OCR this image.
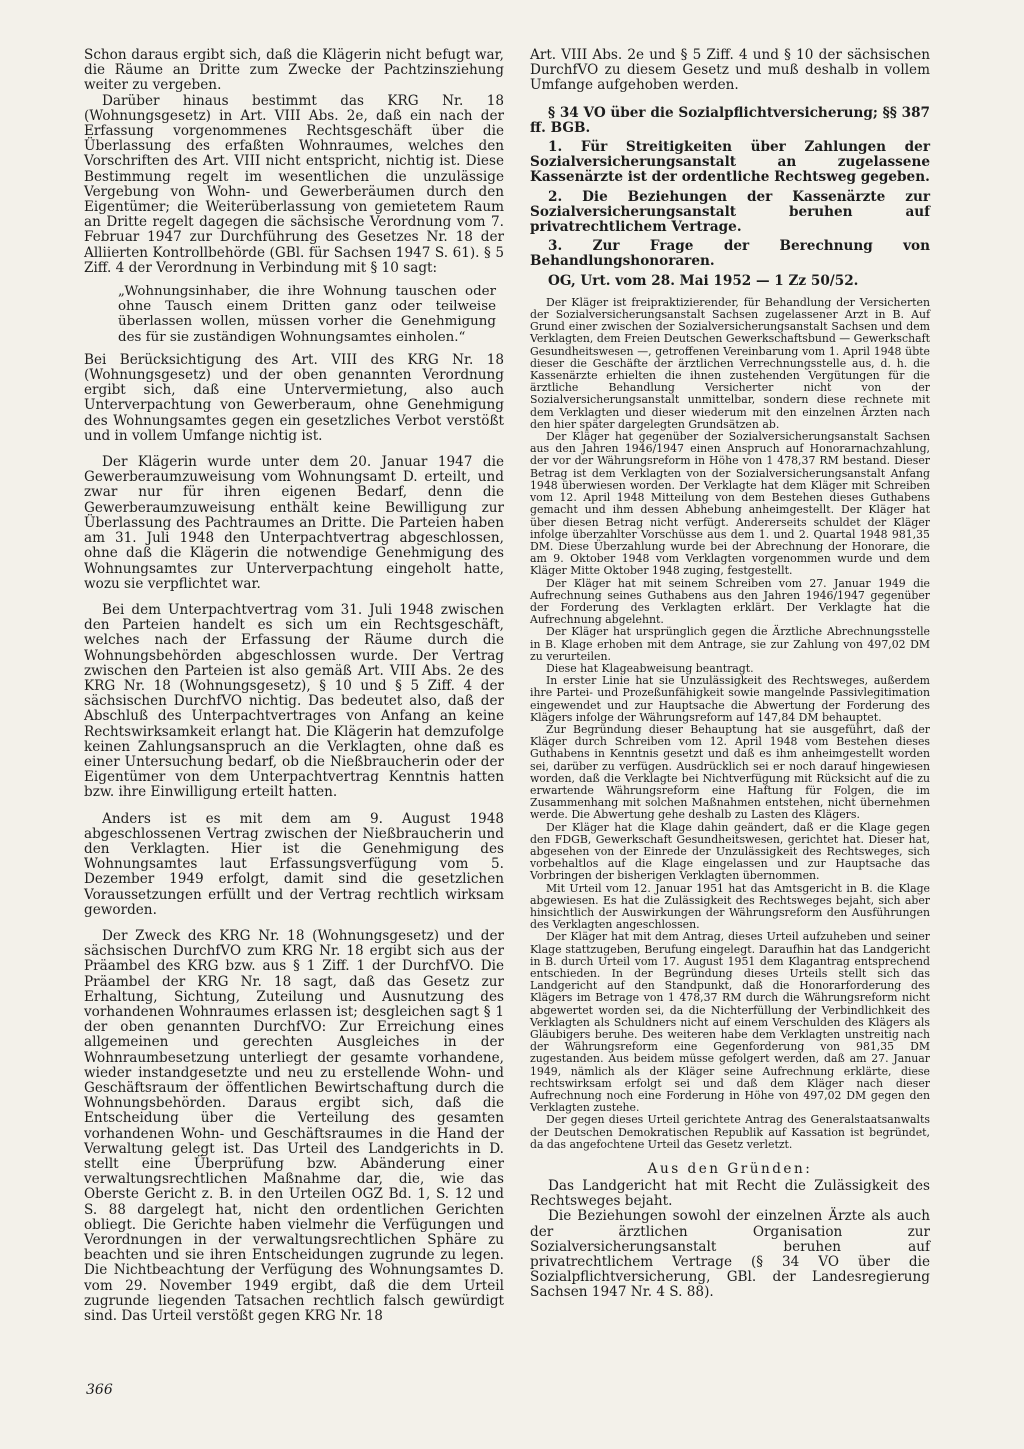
Schon daraus ergibt sich, daß die Klägerin nicht befugt war, die Räume an Dritte zum Zwecke der Pachtzinsziehung weiter zu vergeben.

Darüber hinaus bestimmt das KRG Nr. 18 (Wohnungsgesetz) in Art. VIII Abs. 2e, daß ein nach der Erfassung vorgenommenes Rechtsgeschäft über die Überlassung des erfaßten Wohnraumes, welches den Vorschriften des Art. VIII nicht entspricht, nichtig ist. Diese Bestimmung regelt im wesentlichen die unzulässige Vergebung von Wohn- und Gewerberäumen durch den Eigentümer; die Weiterüberlassung von gemietetem Raum an Dritte regelt dagegen die sächsische Verordnung vom 7. Februar 1947 zur Durchführung des Gesetzes Nr. 18 der Alliierten Kontrollbehörde (GBl. für Sachsen 1947 S. 61). § 5 Ziff. 4 der Verordnung in Verbindung mit § 10 sagt:

„Wohnungsinhaber, die ihre Wohnung tauschen oder ohne Tausch einem Dritten ganz oder teilweise überlassen wollen, müssen vorher die Genehmigung des für sie zuständigen Wohnungsamtes einholen.“

Bei Berücksichtigung des Art. VIII des KRG Nr. 18 (Wohnungsgesetz) und der oben genannten Verordnung ergibt sich, daß eine Untervermietung, also auch Unterverpachtung von Gewerberaum, ohne Genehmigung des Wohnungsamtes gegen ein gesetzliches Verbot verstößt und in vollem Umfange nichtig ist.

Der Klägerin wurde unter dem 20. Januar 1947 die Gewerberaumzuweisung vom Wohnungsamt D. erteilt, und zwar nur für ihren eigenen Bedarf, denn die Gewerberaumzuweisung enthält keine Bewilligung zur Überlassung des Pachtraumes an Dritte. Die Parteien haben am 31. Juli 1948 den Unterpachtvertrag abgeschlossen, ohne daß die Klägerin die notwendige Genehmigung des Wohnungsamtes zur Unterverpachtung eingeholt hatte, wozu sie verpflichtet war.

Bei dem Unterpachtvertrag vom 31. Juli 1948 zwischen den Parteien handelt es sich um ein Rechtsgeschäft, welches nach der Erfassung der Räume durch die Wohnungsbehörden abgeschlossen wurde. Der Vertrag zwischen den Parteien ist also gemäß Art. VIII Abs. 2e des KRG Nr. 18 (Wohnungsgesetz), § 10 und § 5 Ziff. 4 der sächsischen DurchfVO nichtig. Das bedeutet also, daß der Abschluß des Unterpachtvertrages von Anfang an keine Rechtswirksamkeit erlangt hat. Die Klägerin hat demzufolge keinen Zahlungsanspruch an die Verklagten, ohne daß es einer Untersuchung bedarf, ob die Nießbraucherin oder der Eigentümer von dem Unterpachtvertrag Kenntnis hatten bzw. ihre Einwilligung erteilt hatten.

Anders ist es mit dem am 9. August 1948 abgeschlossenen Vertrag zwischen der Nießbraucherin und den Verklagten. Hier ist die Genehmigung des Wohnungsamtes laut Erfassungsverfügung vom 5. Dezember 1949 erfolgt, damit sind die gesetzlichen Voraussetzungen erfüllt und der Vertrag rechtlich wirksam geworden.

Der Zweck des KRG Nr. 18 (Wohnungsgesetz) und der sächsischen DurchfVO zum KRG Nr. 18 ergibt sich aus der Präambel des KRG bzw. aus § 1 Ziff. 1 der DurchfVO. Die Präambel der KRG Nr. 18 sagt, daß das Gesetz zur Erhaltung, Sichtung, Zuteilung und Ausnutzung des vorhandenen Wohnraumes erlassen ist; desgleichen sagt § 1 der oben genannten DurchfVO: Zur Erreichung eines allgemeinen und gerechten Ausgleiches in der Wohnraumbesetzung unterliegt der gesamte vorhandene, wieder instandgesetzte und neu zu erstellende Wohn- und Geschäftsraum der öffentlichen Bewirtschaftung durch die Wohnungsbehörden. Daraus ergibt sich, daß die Entscheidung über die Verteilung des gesamten vorhandenen Wohn- und Geschäftsraumes in die Hand der Verwaltung gelegt ist. Das Urteil des Landgerichts in D. stellt eine Überprüfung bzw. Abänderung einer verwaltungsrechtlichen Maßnahme dar, die, wie das Oberste Gericht z. B. in den Urteilen OGZ Bd. 1, S. 12 und S. 88 dargelegt hat, nicht den ordentlichen Gerichten obliegt. Die Gerichte haben vielmehr die Verfügungen und Verordnungen in der verwaltungsrechtlichen Sphäre zu beachten und sie ihren Entscheidungen zugrunde zu legen. Die Nichtbeachtung der Verfügung des Wohnungsamtes D. vom 29. November 1949 ergibt, daß die dem Urteil zugrunde liegenden Tatsachen rechtlich falsch gewürdigt sind. Das Urteil verstößt gegen KRG Nr. 18

Art. VIII Abs. 2e und § 5 Ziff. 4 und § 10 der sächsischen DurchfVO zu diesem Gesetz und muß deshalb in vollem Umfange aufgehoben werden.

§ 34 VO über die Sozialpflichtversicherung; §§ 387 ff. BGB.

1. Für Streitigkeiten über Zahlungen der Sozialversicherungsanstalt an zugelassene Kassenärzte ist der ordentliche Rechtsweg gegeben.

2. Die Beziehungen der Kassenärzte zur Sozialversicherungsanstalt beruhen auf privatrechtlichem Vertrage.

3. Zur Frage der Berechnung von Behandlungshonoraren.

OG, Urt. vom 28. Mai 1952 — 1 Zz 50/52.

Der Kläger ist freipraktizierender, für Behandlung der Versicherten der Sozialversicherungsanstalt Sachsen zugelassener Arzt in B. Auf Grund einer zwischen der Sozialversicherungsanstalt Sachsen und dem Verklagten, dem Freien Deutschen Gewerkschaftsbund — Gewerkschaft Gesundheitswesen —, getroffenen Vereinbarung vom 1. April 1948 übte dieser die Geschäfte der ärztlichen Verrechnungsstelle aus, d. h. die Kassenärzte erhielten die ihnen zustehenden Vergütungen für die ärztliche Behandlung Versicherter nicht von der Sozialversicherungsanstalt unmittelbar, sondern diese rechnete mit dem Verklagten und dieser wiederum mit den einzelnen Ärzten nach den hier später dargelegten Grundsätzen ab.

Der Kläger hat gegenüber der Sozialversicherungsanstalt Sachsen aus den Jahren 1946/1947 einen Anspruch auf Honorarnachzahlung, der vor der Währungsreform in Höhe von 1 478,37 RM bestand. Dieser Betrag ist dem Verklagten von der Sozialversicherungsanstalt Anfang 1948 überwiesen worden. Der Verklagte hat dem Kläger mit Schreiben vom 12. April 1948 Mitteilung von dem Bestehen dieses Guthabens gemacht und ihm dessen Abhebung anheimgestellt. Der Kläger hat über diesen Betrag nicht verfügt. Andererseits schuldet der Kläger infolge überzahlter Vorschüsse aus dem 1. und 2. Quartal 1948 981,35 DM. Diese Überzahlung wurde bei der Abrechnung der Honorare, die am 9. Oktober 1948 vom Verklagten vorgenommen wurde und dem Kläger Mitte Oktober 1948 zuging, festgestellt.

Der Kläger hat mit seinem Schreiben vom 27. Januar 1949 die Aufrechnung seines Guthabens aus den Jahren 1946/1947 gegenüber der Forderung des Verklagten erklärt. Der Verklagte hat die Aufrechnung abgelehnt.

Der Kläger hat ursprünglich gegen die Ärztliche Abrechnungsstelle in B. Klage erhoben mit dem Antrage, sie zur Zahlung von 497,02 DM zu verurteilen.

Diese hat Klageabweisung beantragt.

In erster Linie hat sie Unzulässigkeit des Rechtsweges, außerdem ihre Partei- und Prozeßunfähigkeit sowie mangelnde Passivlegitimation eingewendet und zur Hauptsache die Abwertung der Forderung des Klägers infolge der Währungsreform auf 147,84 DM behauptet.

Zur Begründung dieser Behauptung hat sie ausgeführt, daß der Kläger durch Schreiben vom 12. April 1948 vom Bestehen dieses Guthabens in Kenntnis gesetzt und daß es ihm anheimgestellt worden sei, darüber zu verfügen. Ausdrücklich sei er noch darauf hingewiesen worden, daß die Verklagte bei Nichtverfügung mit Rücksicht auf die zu erwartende Währungsreform eine Haftung für Folgen, die im Zusammenhang mit solchen Maßnahmen entstehen, nicht übernehmen werde. Die Abwertung gehe deshalb zu Lasten des Klägers.

Der Kläger hat die Klage dahin geändert, daß er die Klage gegen den FDGB, Gewerkschaft Gesundheitswesen, gerichtet hat. Dieser hat, abgesehen von der Einrede der Unzulässigkeit des Rechtsweges, sich vorbehaltlos auf die Klage eingelassen und zur Hauptsache das Vorbringen der bisherigen Verklagten übernommen.

Mit Urteil vom 12. Januar 1951 hat das Amtsgericht in B. die Klage abgewiesen. Es hat die Zulässigkeit des Rechtsweges bejaht, sich aber hinsichtlich der Auswirkungen der Währungsreform den Ausführungen des Verklagten angeschlossen.

Der Kläger hat mit dem Antrag, dieses Urteil aufzuheben und seiner Klage stattzugeben, Berufung eingelegt. Daraufhin hat das Landgericht in B. durch Urteil vom 17. August 1951 dem Klagantrag entsprechend entschieden. In der Begründung dieses Urteils stellt sich das Landgericht auf den Standpunkt, daß die Honorarforderung des Klägers im Betrage von 1 478,37 RM durch die Währungsreform nicht abgewertet worden sei, da die Nichterfüllung der Verbindlichkeit des Verklagten als Schuldners nicht auf einem Verschulden des Klägers als Gläubigers beruhe. Des weiteren habe dem Verklagten unstreitig nach der Währungsreform eine Gegenforderung von 981,35 DM zugestanden. Aus beidem müsse gefolgert werden, daß am 27. Januar 1949, nämlich als der Kläger seine Aufrechnung erklärte, diese rechtswirksam erfolgt sei und daß dem Kläger nach dieser Aufrechnung noch eine Forderung in Höhe von 497,02 DM gegen den Verklagten zustehe.

Der gegen dieses Urteil gerichtete Antrag des Generalstaatsanwalts der Deutschen Demokratischen Republik auf Kassation ist begründet, da das angefochtene Urteil das Gesetz verletzt.

Aus den Gründen:

Das Landgericht hat mit Recht die Zulässigkeit des Rechtsweges bejaht.

Die Beziehungen sowohl der einzelnen Ärzte als auch der ärztlichen Organisation zur Sozialversicherungsanstalt beruhen auf privatrechtlichem Vertrage (§ 34 VO über die Sozialpflichtversicherung, GBl. der Landesregierung Sachsen 1947 Nr. 4 S. 88).

366
